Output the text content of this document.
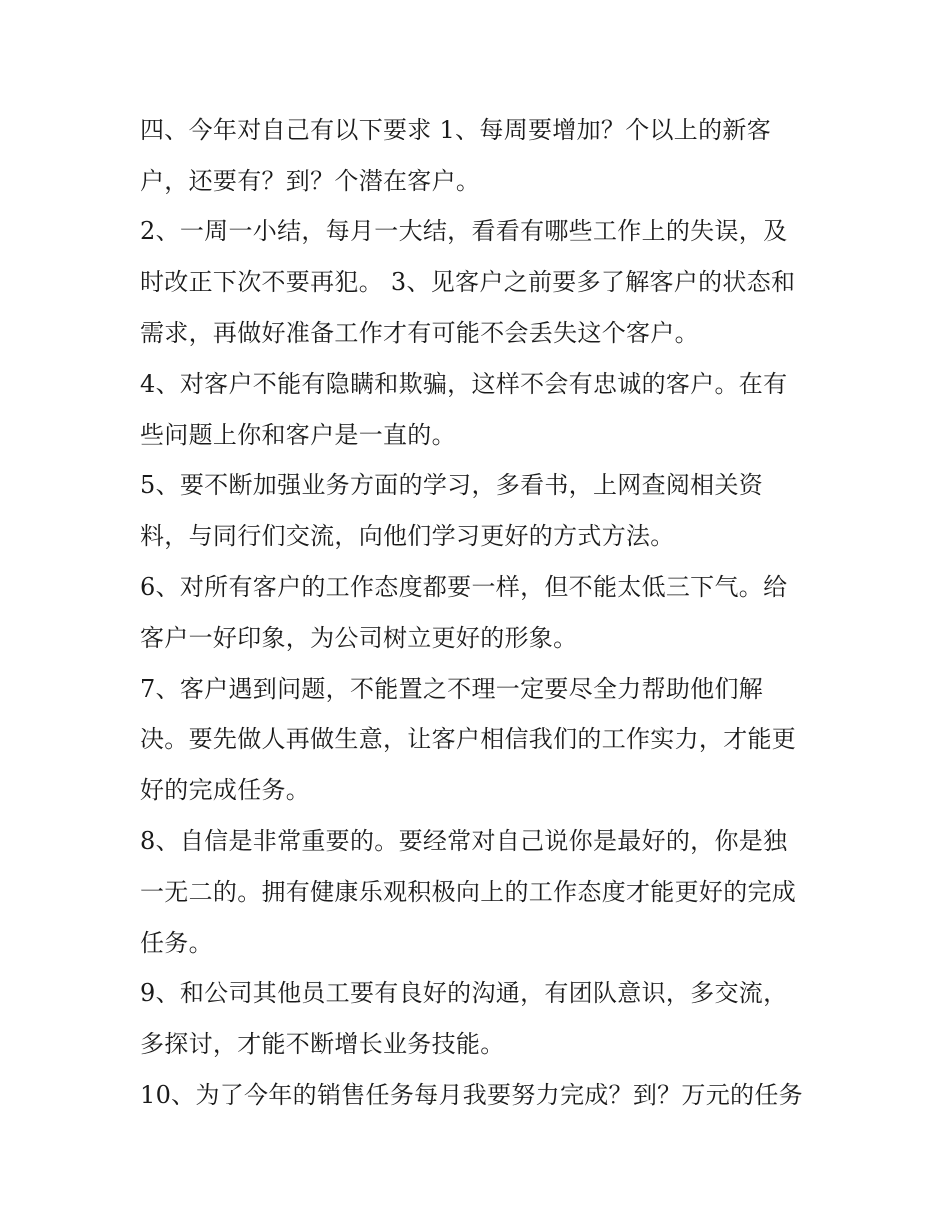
四、今年对自己有以下要求 1、每周要增加？个以上的新客
户，还要有？到？个潜在客户。
2、一周一小结，每月一大结，看看有哪些工作上的失误，及
时改正下次不要再犯。 3、见客户之前要多了解客户的状态和
需求，再做好准备工作才有可能不会丢失这个客户。
4、对客户不能有隐瞒和欺骗，这样不会有忠诚的客户。在有
些问题上你和客户是一直的。
5、要不断加强业务方面的学习，多看书，上网查阅相关资
料，与同行们交流，向他们学习更好的方式方法。
6、对所有客户的工作态度都要一样，但不能太低三下气。给
客户一好印象，为公司树立更好的形象。
7、客户遇到问题，不能置之不理一定要尽全力帮助他们解
决。要先做人再做生意，让客户相信我们的工作实力，才能更
好的完成任务。
8、自信是非常重要的。要经常对自己说你是最好的，你是独
一无二的。拥有健康乐观积极向上的工作态度才能更好的完成
任务。
9、和公司其他员工要有良好的沟通，有团队意识，多交流，
多探讨，才能不断增长业务技能。
10、为了今年的销售任务每月我要努力完成？到？万元的任务
